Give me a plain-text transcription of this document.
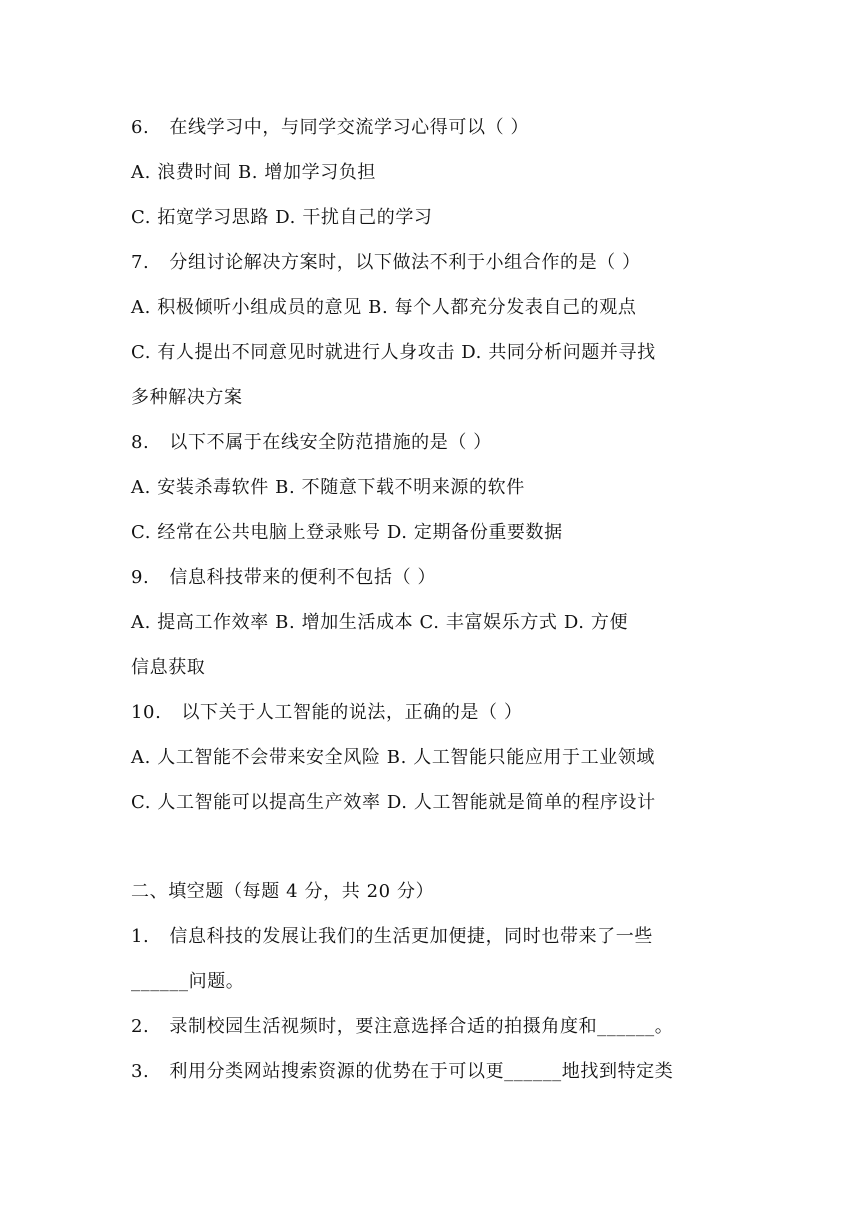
6. 在线学习中，与同学交流学习心得可以（ ）
A. 浪费时间 B. 增加学习负担
C. 拓宽学习思路 D. 干扰自己的学习
7. 分组讨论解决方案时，以下做法不利于小组合作的是（ ）
A. 积极倾听小组成员的意见 B. 每个人都充分发表自己的观点
C. 有人提出不同意见时就进行人身攻击 D. 共同分析问题并寻找
多种解决方案
8. 以下不属于在线安全防范措施的是（ ）
A. 安装杀毒软件 B. 不随意下载不明来源的软件
C. 经常在公共电脑上登录账号 D. 定期备份重要数据
9. 信息科技带来的便利不包括（ ）
A. 提高工作效率 B. 增加生活成本 C. 丰富娱乐方式 D. 方便
信息获取
10. 以下关于人工智能的说法，正确的是（ ）
A. 人工智能不会带来安全风险 B. 人工智能只能应用于工业领域
C. 人工智能可以提高生产效率 D. 人工智能就是简单的程序设计
二、填空题（每题 4 分，共 20 分）
1. 信息科技的发展让我们的生活更加便捷，同时也带来了一些
______问题。
2. 录制校园生活视频时，要注意选择合适的拍摄角度和______。
3. 利用分类网站搜索资源的优势在于可以更______地找到特定类
